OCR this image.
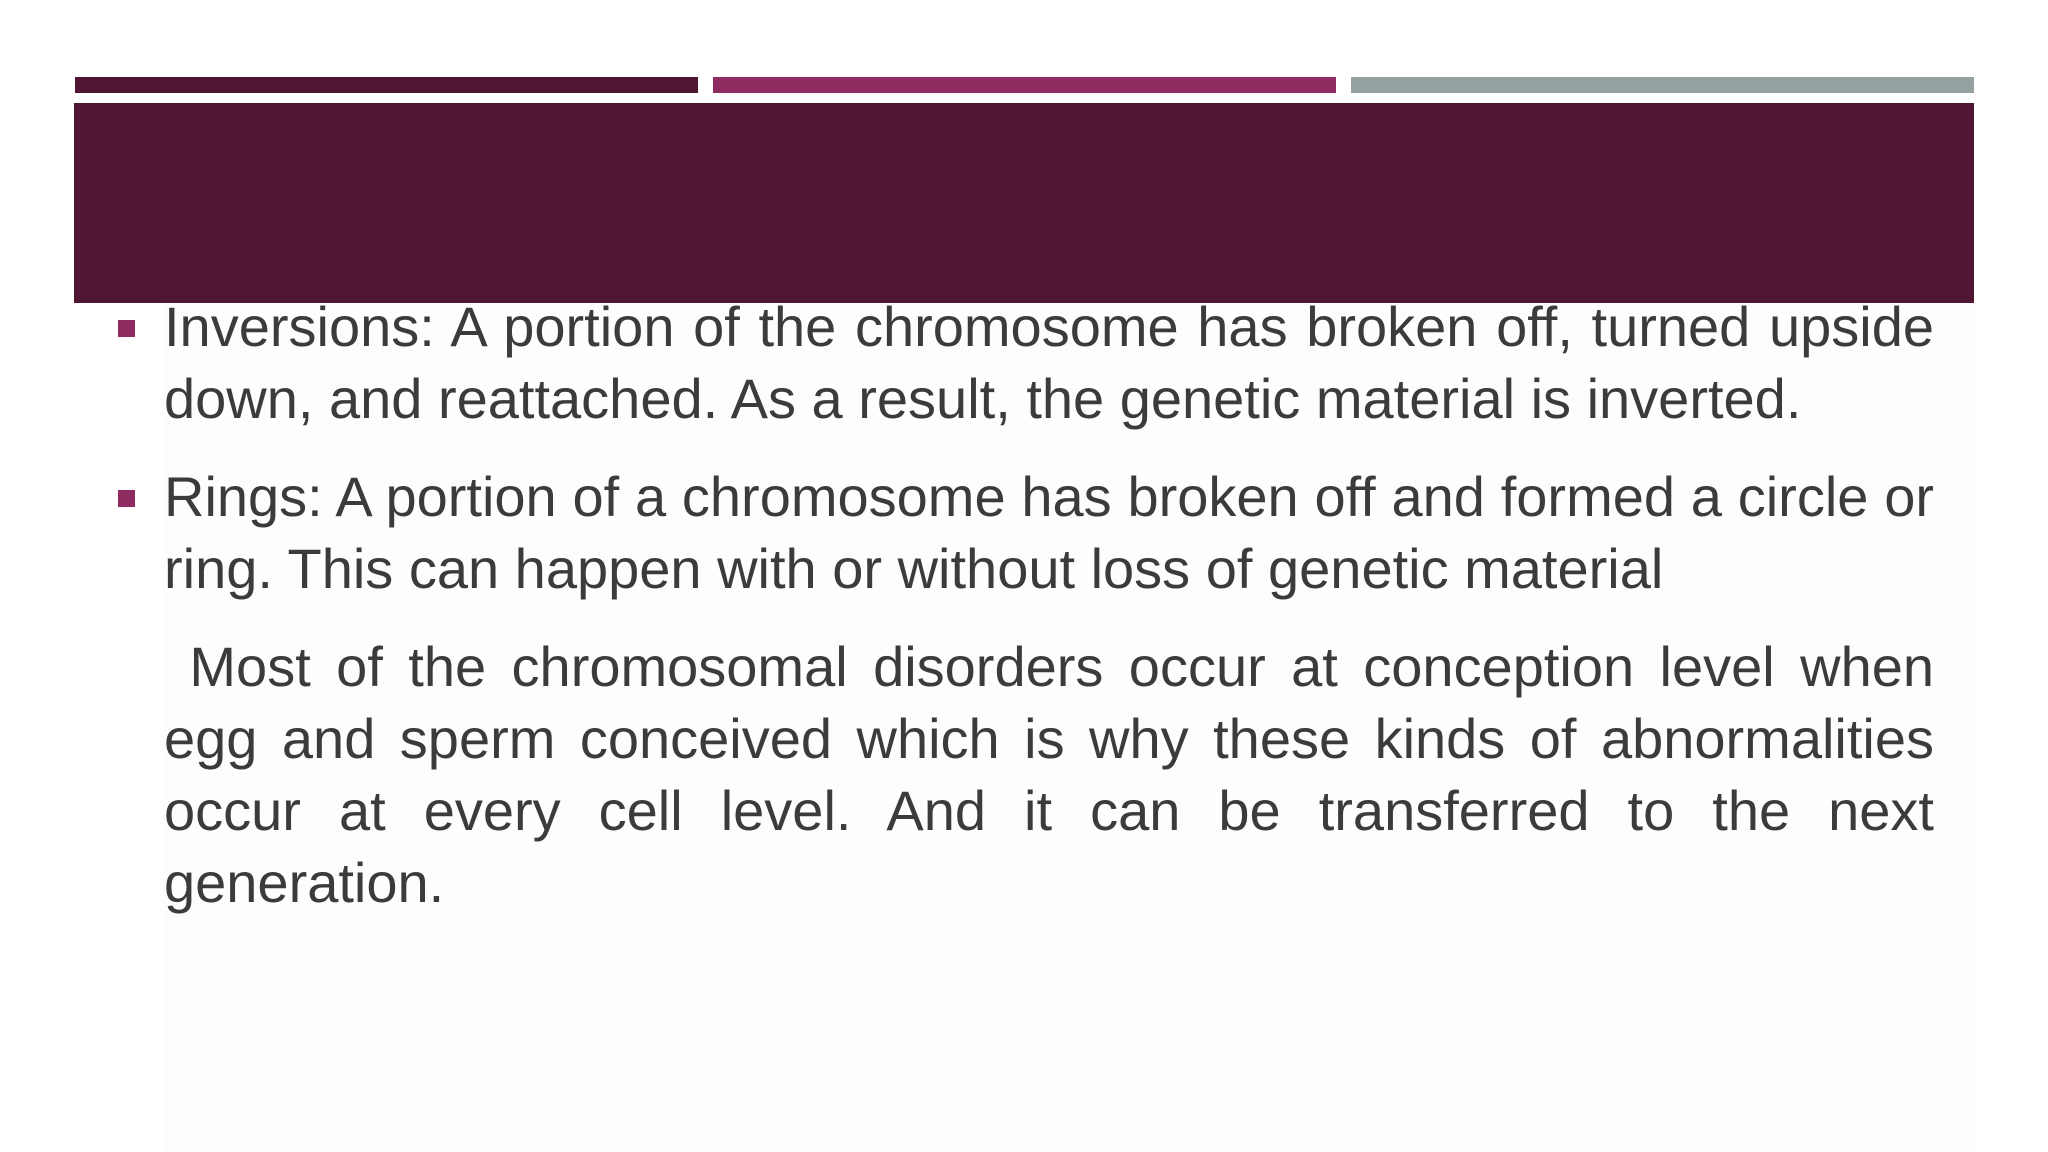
Inversions: A portion of the chromosome has broken off, turned upside down, and reattached. As a result, the genetic material is inverted.

Rings: A portion of a chromosome has broken off and formed a circle or ring. This can happen with or without loss of genetic material

Most of the chromosomal disorders occur at conception level when egg and sperm conceived which is why these kinds of abnormalities occur at every cell level. And it can be transferred to the next generation.
